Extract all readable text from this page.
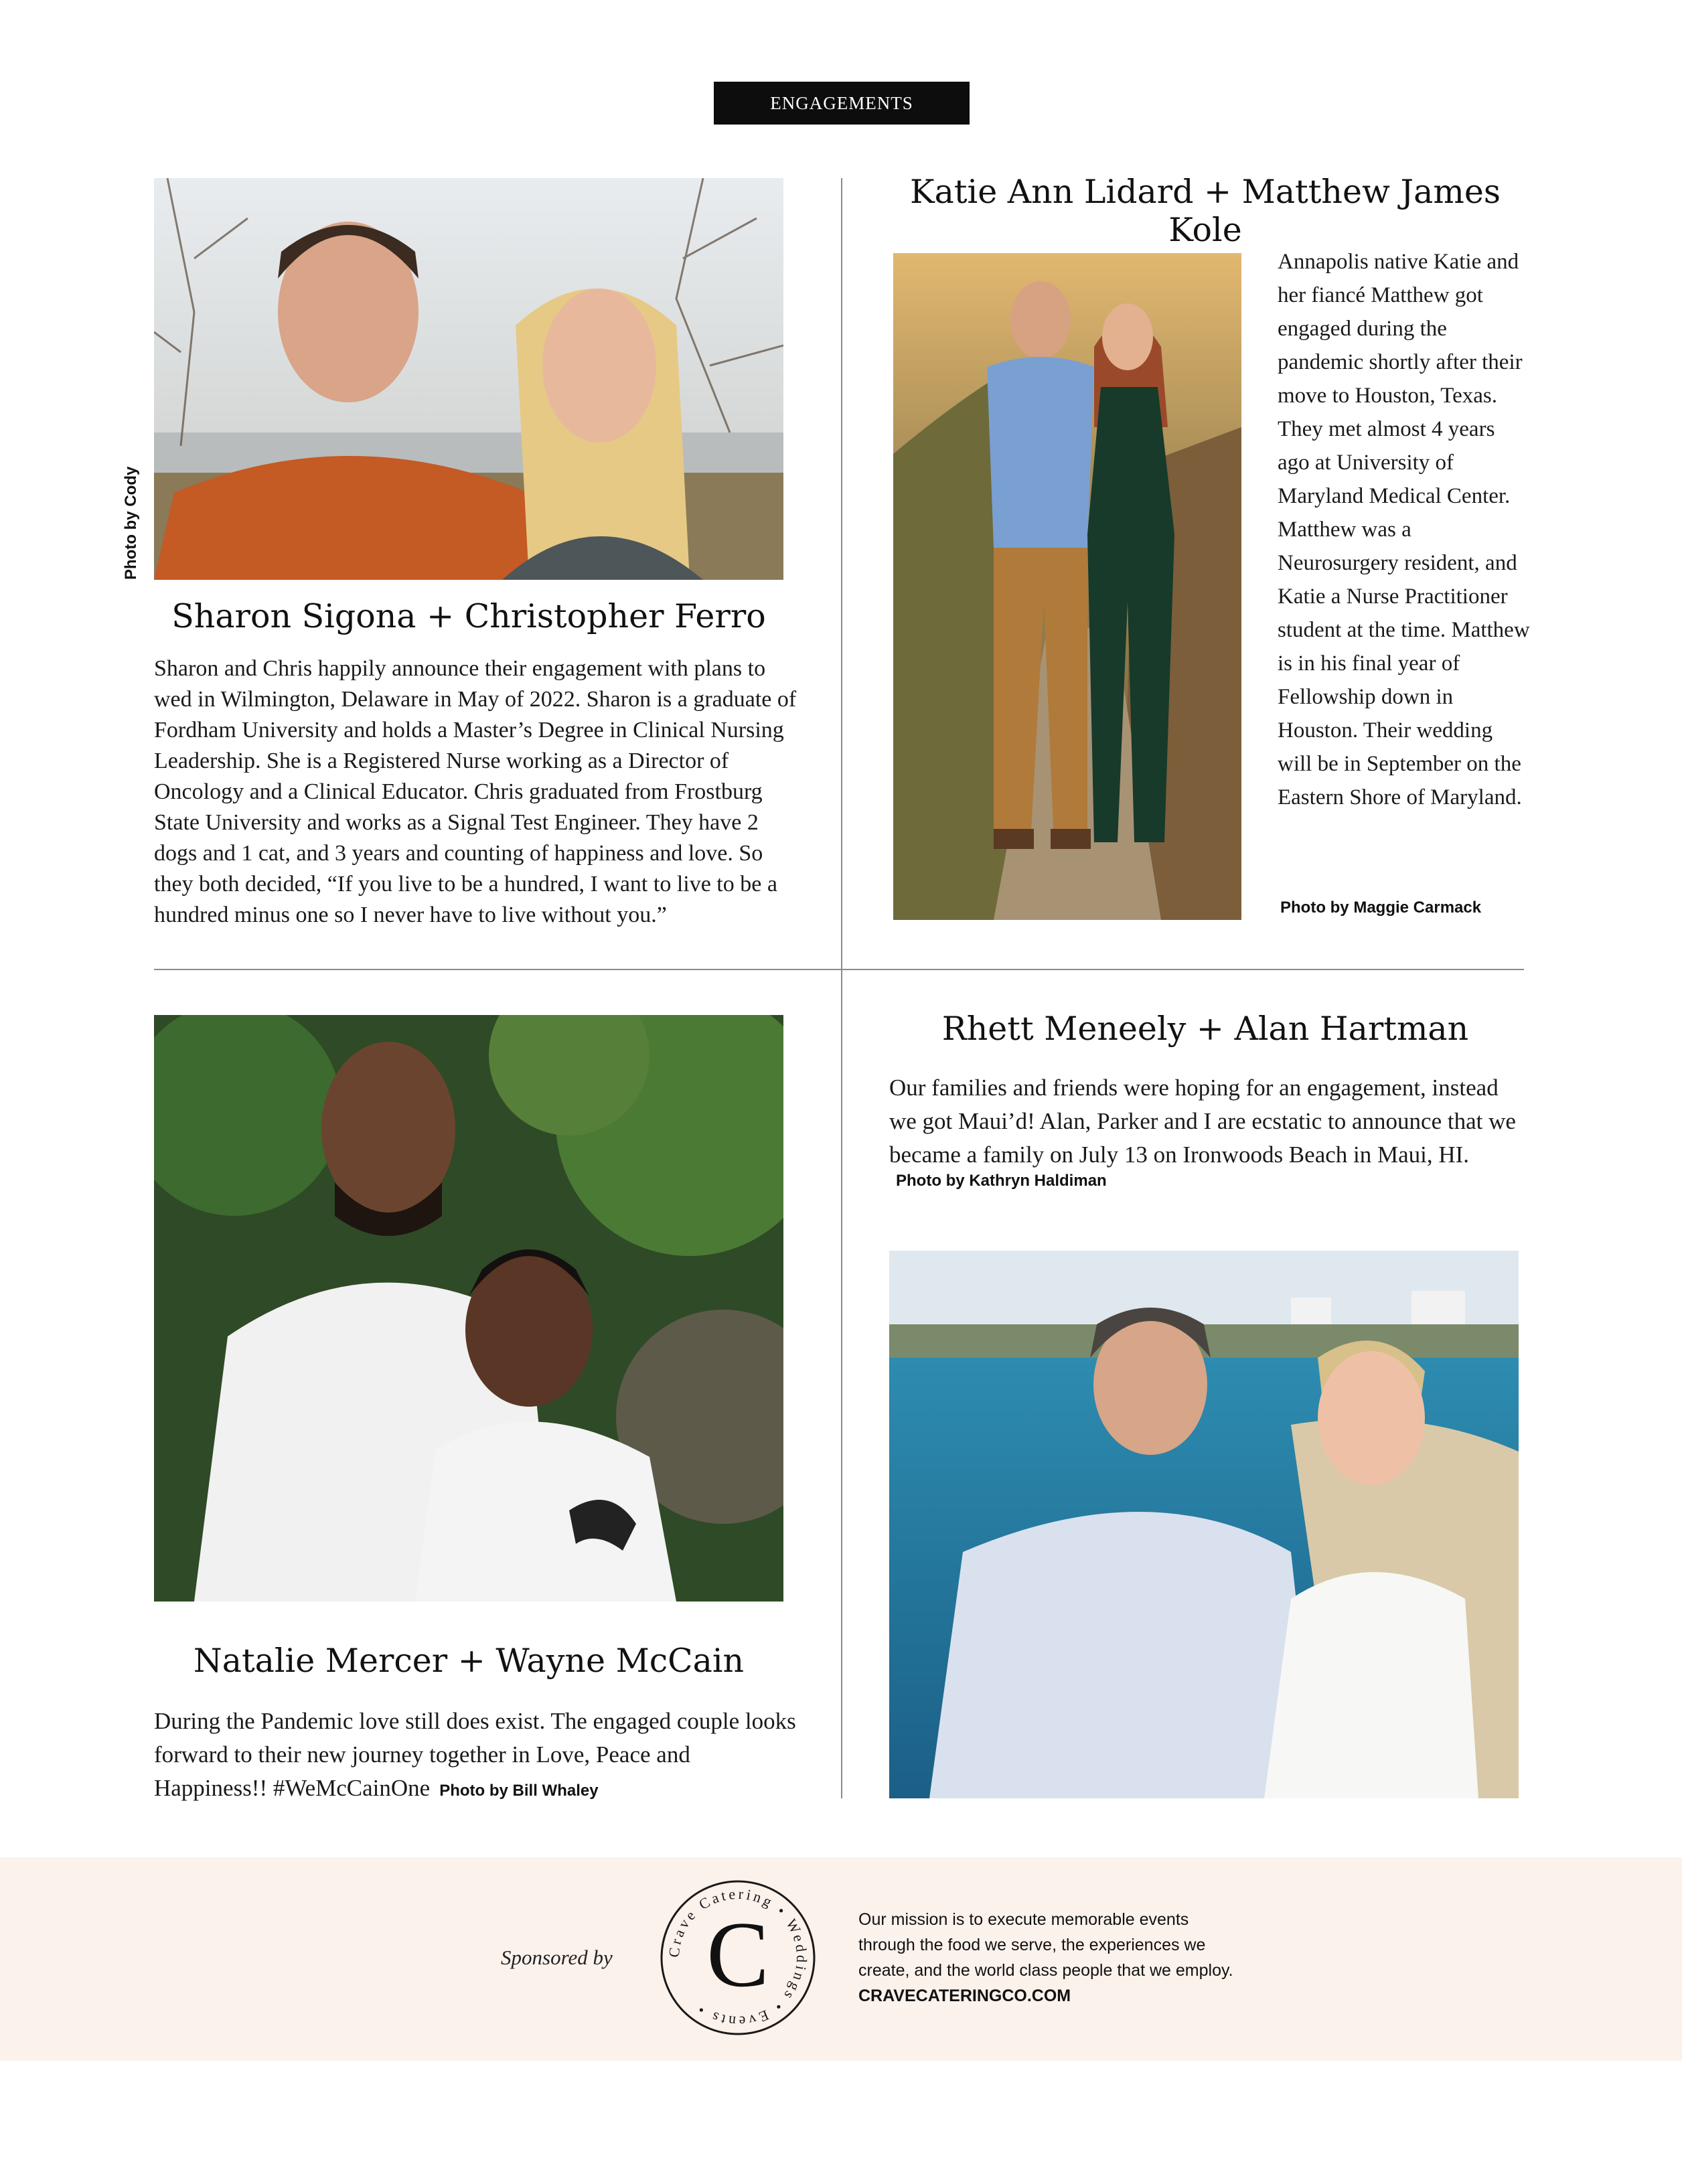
ENGAGEMENTS
Photo by Cody
Sharon Sigona + Christopher Ferro

Sharon and Chris happily announce their engagement with plans to wed in Wilmington, Delaware in May of 2022. Sharon is a graduate of Fordham University and holds a Master’s Degree in Clinical Nursing Leadership. She is a Registered Nurse working as a Director of Oncology and a Clinical Educator. Chris graduated from Frostburg State University and works as a Signal Test Engineer. They have 2 dogs and 1 cat, and 3 years and counting of happiness and love. So they both decided, “If you live to be a hundred, I want to live to be a hundred minus one so I never have to live without you.”

Katie Ann Lidard + Matthew James Kole

Annapolis native Katie and her fiancé Matthew got engaged during the pandemic shortly after their move to Houston, Texas. They met almost 4 years ago at University of Maryland Medical Center. Matthew was a Neurosurgery resident, and Katie a Nurse Practitioner student at the time. Matthew is in his final year of Fellowship down in Houston. Their wedding will be in September on the Eastern Shore of Maryland.

Photo by Maggie Carmack
Natalie Mercer + Wayne McCain
During the Pandemic love still does exist. The engaged couple looks forward to their new journey together in Love, Peace and Happiness!! #WeMcCainOne Photo by Bill Whaley
Rhett Meneely + Alan Hartman
Our families and friends were hoping for an engagement, instead we got Maui’d! Alan, Parker and I are ecstatic to announce that we became a family on July 13 on Ironwoods Beach in Maui, HI. Photo by Kathryn Haldiman
Sponsored by	Crave Catering • Weddings • Events •
C	Our mission is to execute memorable events through the food we serve, the experiences we create, and the world class people that we employ. CRAVECATERINGCO.COM
